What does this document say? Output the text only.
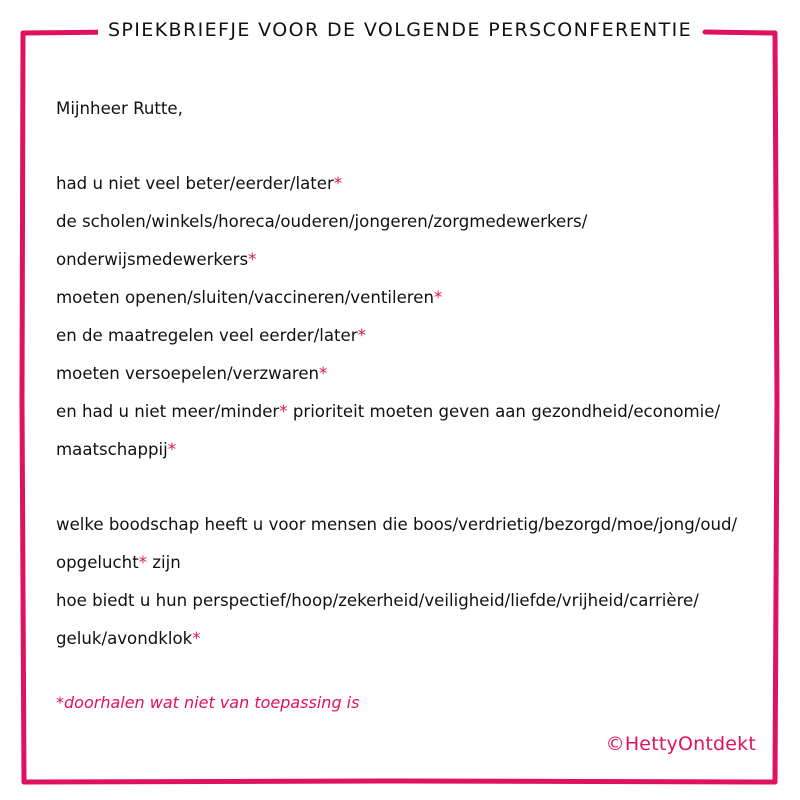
SPIEKBRIEFJE VOOR DE VOLGENDE PERSCONFERENTIE
Mijnheer Rutte,
had u niet veel beter/eerder/later*
de scholen/winkels/horeca/ouderen/jongeren/zorgmedewerkers/
onderwijsmedewerkers*
moeten openen/sluiten/vaccineren/ventileren*
en de maatregelen veel eerder/later*
moeten versoepelen/verzwaren*
en had u niet meer/minder* prioriteit moeten geven aan gezondheid/economie/
maatschappij*
welke boodschap heeft u voor mensen die boos/verdrietig/bezorgd/moe/jong/oud/
opgelucht* zijn
hoe biedt u hun perspectief/hoop/zekerheid/veiligheid/liefde/vrijheid/carrière/
geluk/avondklok*
*doorhalen wat niet van toepassing is
©HettyOntdekt
